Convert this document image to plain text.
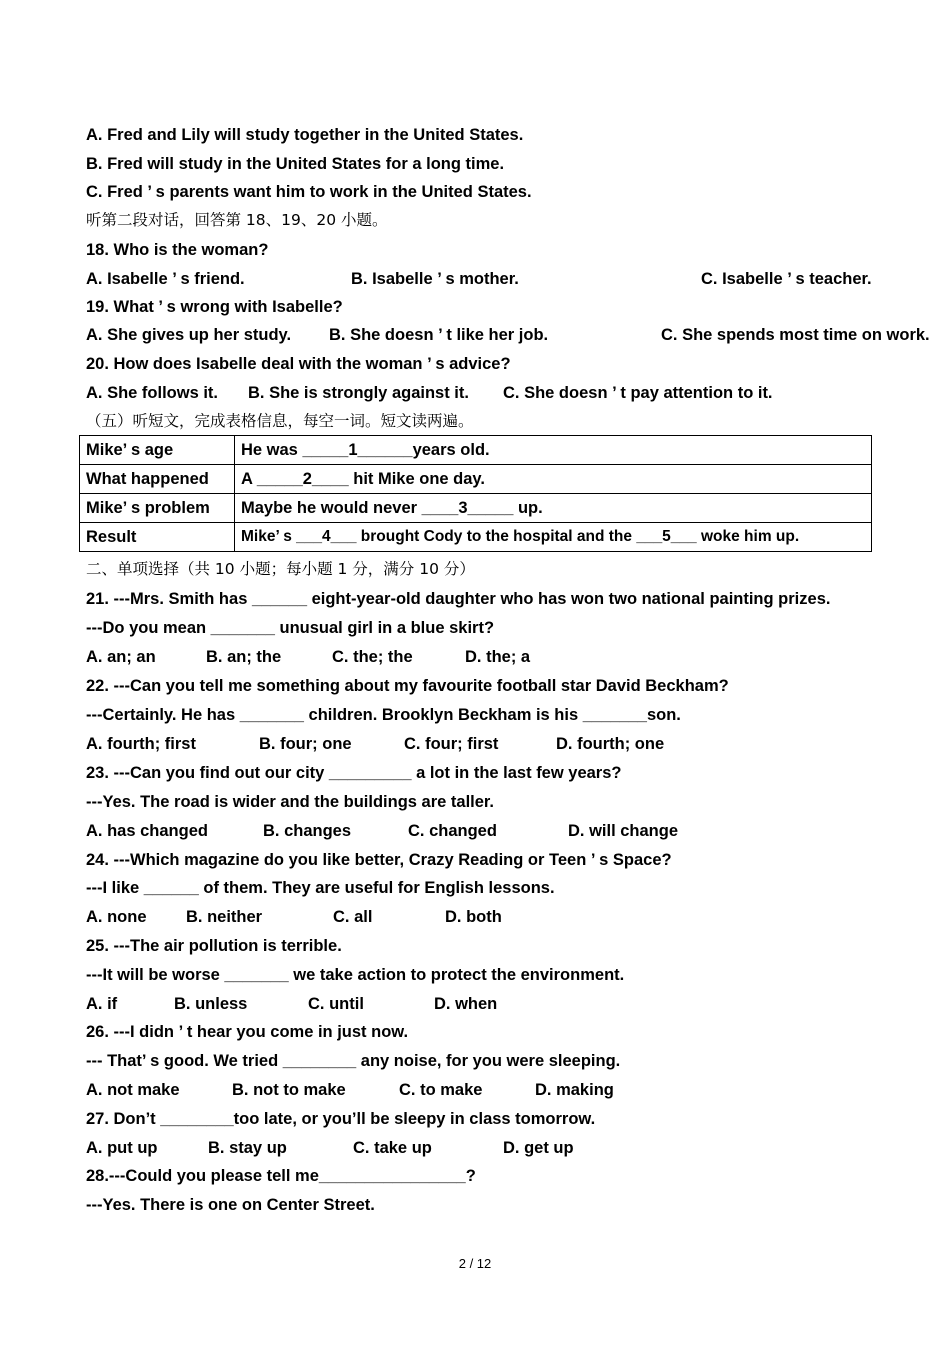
A. Fred and Lily will study together in the United States.
B. Fred will study in the United States for a long time.
C. Fred ’ s parents want him to work in the United States.
听第二段对话，回答第 18、19、20 小题。
18. Who is the woman?
A. Isabelle ’ s friend.	B. Isabelle ’ s mother.	C. Isabelle ’ s teacher.
19. What ’ s wrong with Isabelle?
A. She gives up her study. B. She doesn ’ t like her job.	C. She spends most time on work.
20. How does Isabelle deal with the woman ’ s advice?
A. She follows it. B. She is strongly against it. C. She doesn ’ t pay attention to it.
（五）听短文，完成表格信息，每空一词。短文读两遍。
Mike’ s age	He was _____1______years old.
What happened	A _____2____ hit Mike one day.
Mike’ s problem	Maybe he would never ____3_____ up.
Result	Mike’ s ___4___ brought Cody to the hospital and the ___5___ woke him up.
二、单项选择（共 10 小题；每小题 1 分，满分 10 分）
21. ---Mrs. Smith has ______ eight-year-old daughter who has won two national painting prizes.
---Do you mean _______ unusual girl in a blue skirt?
A. an; an	B. an; the	C. the; the	D. the; a
22. ---Can you tell me something about my favourite football star David Beckham?
---Certainly. He has _______ children. Brooklyn Beckham is his _______son.
A. fourth; first	B. four; one	C. four; first	D. fourth; one
23. ---Can you find out our city _________ a lot in the last few years?
---Yes. The road is wider and the buildings are taller.
A. has changed	B. changes	C. changed	D. will change
24. ---Which magazine do you like better, Crazy Reading or Teen ’ s Space?
---I like ______ of them. They are useful for English lessons.
A. none B. neither	C. all	D. both
25. ---The air pollution is terrible.
---It will be worse _______ we take action to protect the environment.
A. if	B. unless	C. until	D. when
26. ---I didn ’ t hear you come in just now.
--- That’ s good. We tried ________ any noise, for you were sleeping.
A. not make	B. not to make	C. to make	D. making
27. Don’t ________too late, or you’ll be sleepy in class tomorrow.
A. put up	B. stay up	C. take up	D. get up
28.---Could you please tell me________________?
---Yes. There is one on Center Street.
2 / 12
